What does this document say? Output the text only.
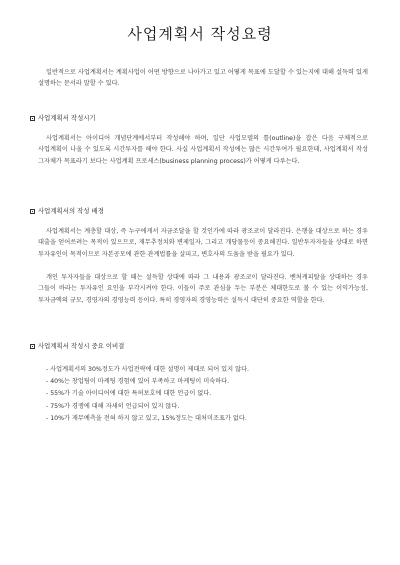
사업계획서 작성요령

일반적으로 사업계획서는 계획사업이 어떤 방향으로 나아가고 있고 어떻게 목표에 도달할 수 있는지에 대해 설득력 있게 설명하는 문서라 말할 수 있다.

사업계획서 작성시기

사업계획서는 아이디어 개념단계에서부터 작성해야 하며, 일단 사업모델의 틀(outline)을 잡은 다음 구체적으로 사업계획이 나올 수 있도록 시간투자를 해야 한다. 사실 사업계획서 작성에는 많은 시간투여가 필요한데, 사업계획서 작성 그자체가 목표라기 보다는 사업계획 프로세스(business planning process)가 어떻게 다루는다.

사업계획서의 작성 배경

사업계획서는 계층할 대상, 즉 누구에게서 자금조달을 할 것인가에 따라 광조코이 달라진다. 은행을 대상으로 하는 경우 대출을 얻어쓰려는 목적이 있으므로, 재무추정치와 변제일자, 그리고 개당물등이 중요해진다. 일반투자자들을 상대로 하면 투자유인이 목적이므로 자본공모에 관한 관계법률을 살피고, 변호사의 도움을 받을 필요가 있다.

개인 투자자들을 대상으로 할 때는 설득할 상대에 따라 그 내용과 광조코이 달라진다. 벤처캐피탈을 상대하는 경우 그들이 바라는 투자유인 요인을 부각시켜야 한다. 이들이 주로 관심을 두는 부분은 체대한도로 볼 수 있는 이익가능성, 투자금액의 규모, 경영자의 경영능력 등이다. 특히 경영자의 경영능력은 설득시 대단히 중요한 역할을 한다.

사업계획서 작성시 중요 이비결
- 사업계획서의 30%정도가 사업전략에 대한 설명이 제대로 되어 있지 않다.
- 40%는 창업팀이 마케팅 경험에 있어 부족하고 마케팅이 미숙하다.
- 55%가 기술 아이디어에 대한 특허보호에 대한 언급이 없다.
- 75%가 경쟁에 대해 자세히 언급되어 있지 않다.
- 10%가 재무예측을 전혀 하지 않고 있고, 15%정도는 대처미조표가 없다.
